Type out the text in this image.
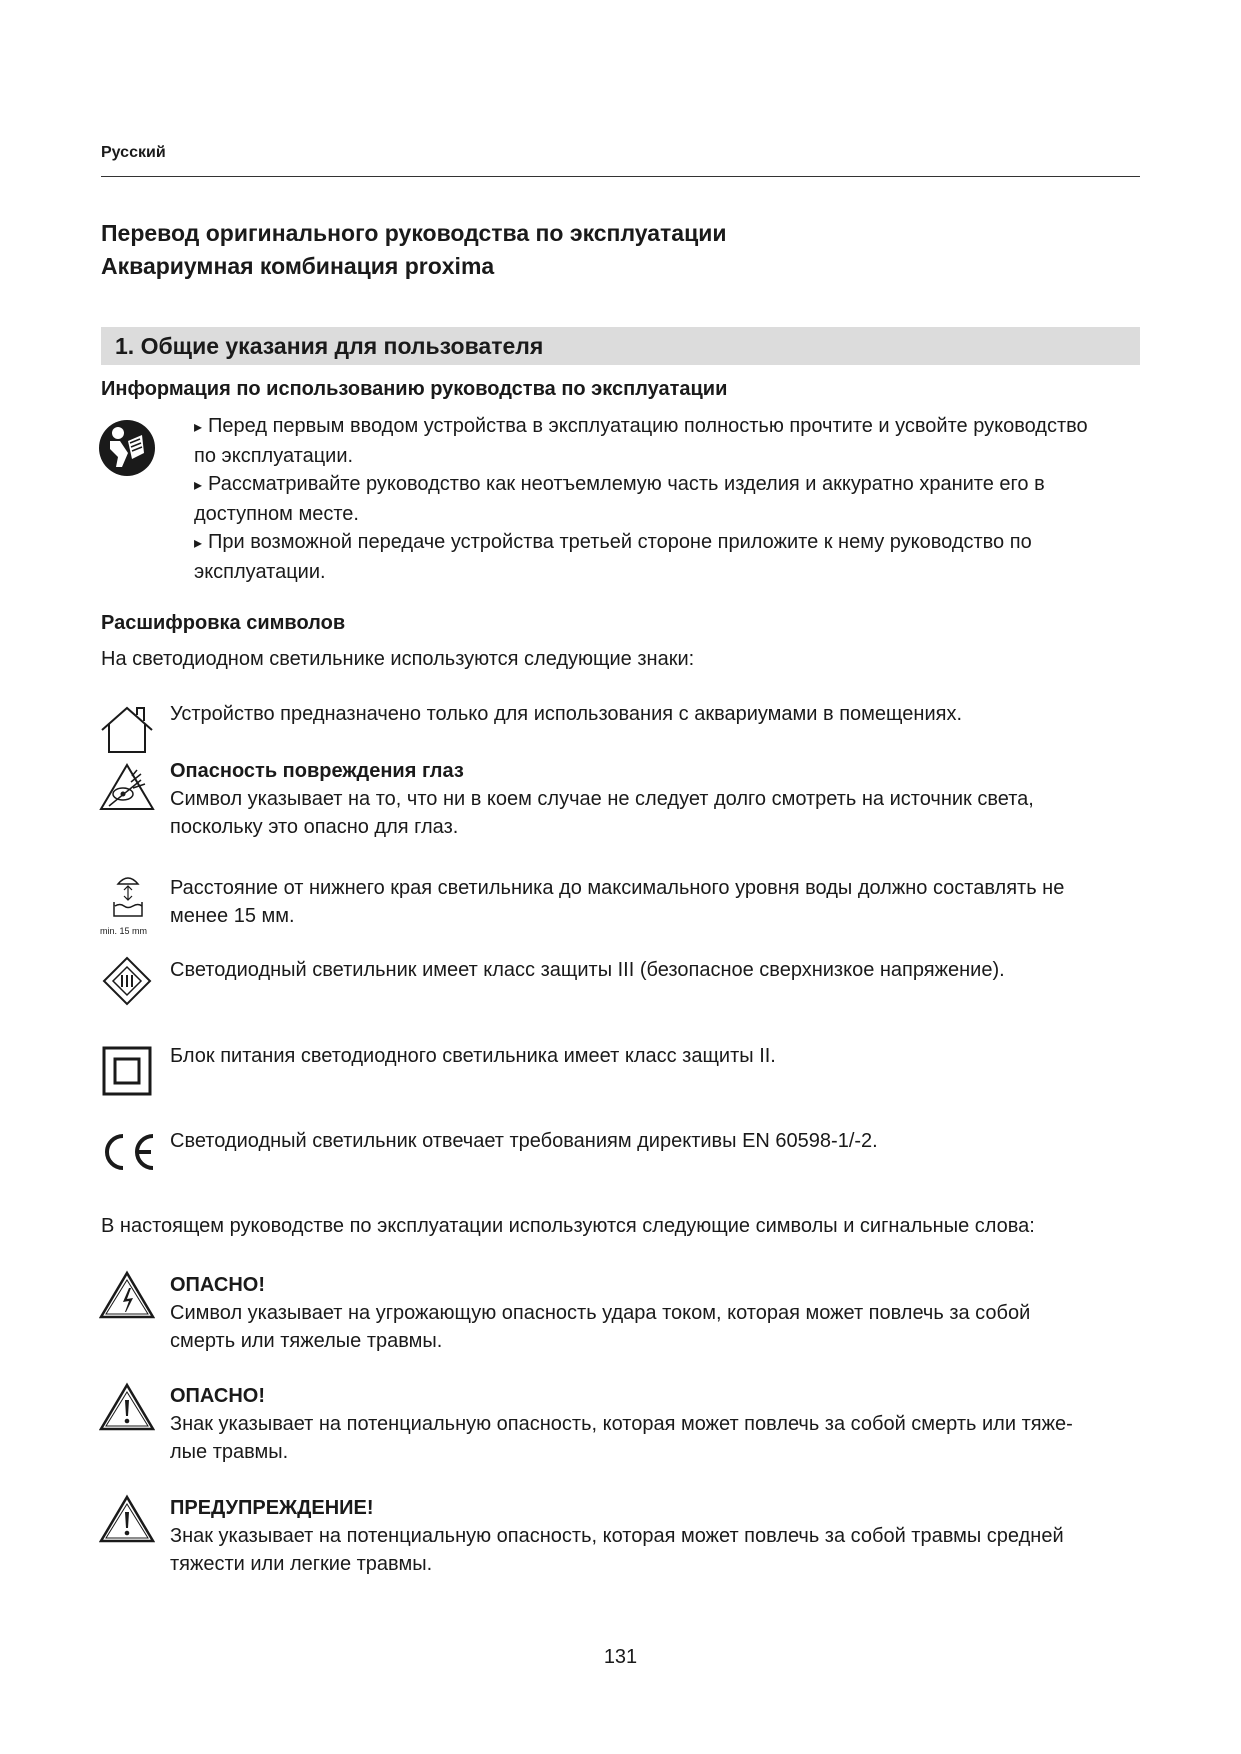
Русский
Перевод оригинального руководства по эксплуатации
Аквариумная комбинация proxima
1. Общие указания для пользователя
Информация по использованию руководства по эксплуатации
▸ Перед первым вводом устройства в эксплуатацию полностью прочтите и усвойте руководство
по эксплуатации.
▸ Рассматривайте руководство как неотъемлемую часть изделия и аккуратно храните его в
доступном месте.
▸ При возможной передаче устройства третьей стороне приложите к нему руководство по
эксплуатации.
Расшифровка символов
На светодиодном светильнике используются следующие знаки:
Устройство предназначено только для использования с аквариумами в помещениях.
Опасность повреждения глаз
Символ указывает на то, что ни в коем случае не следует долго смотреть на источник света,
поскольку это опасно для глаз.
min. 15 mm
Расстояние от нижнего края светильника до максимального уровня воды должно составлять не
менее 15 мм.
Светодиодный светильник имеет класс защиты III (безопасное сверхнизкое напряжение).
Блок питания светодиодного светильника имеет класс защиты II.
Светодиодный светильник отвечает требованиям директивы EN 60598-1/-2.
В настоящем руководстве по эксплуатации используются следующие символы и сигнальные слова:
ОПАСНО!
Символ указывает на угрожающую опасность удара током, которая может повлечь за собой
смерть или тяжелые травмы.
ОПАСНО!
Знак указывает на потенциальную опасность, которая может повлечь за собой смерть или тяже-
лые травмы.
ПРЕДУПРЕЖДЕНИЕ!
Знак указывает на потенциальную опасность, которая может повлечь за собой травмы средней
тяжести или легкие травмы.
131
